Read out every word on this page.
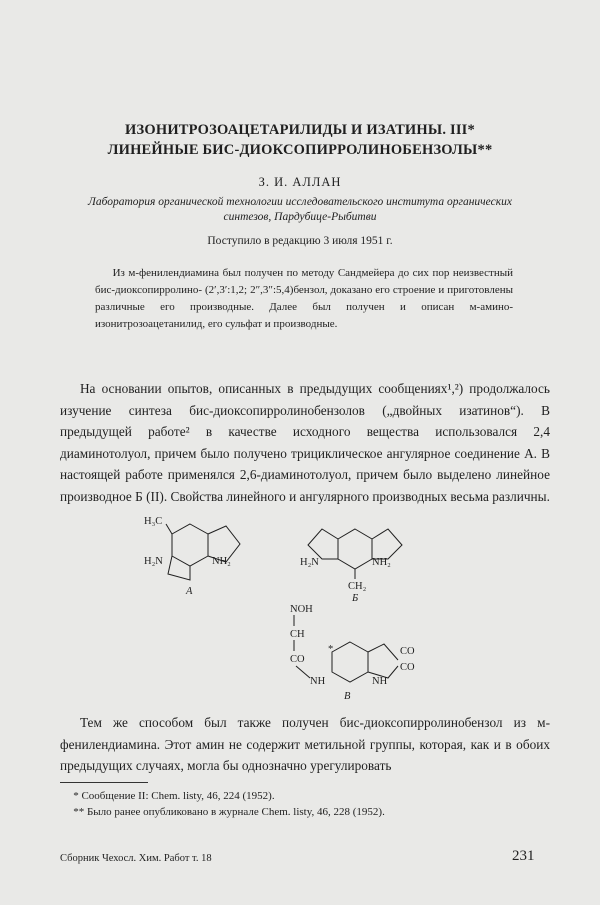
ИЗОНИТРОЗОАЦЕТАРИЛИДЫ И ИЗАТИНЫ. III*
ЛИНЕЙНЫЕ БИС-ДИОКСОПИРРОЛИНОБЕНЗОЛЫ**
З. И. АЛЛАН
Лаборатория органической технологии исследовательского института органических
синтезов, Пардубице-Рыбитви
Поступило в редакцию 3 июля 1951 г.
Из м-фенилендиамина был получен по методу Сандмейера до сих пор неизвестный бис-диоксопирролино- (2′,3′:1,2; 2″,3″:5,4)бензол, доказано его строение и приготовлены различные его производные. Далее был получен и описан м-амино-изонитрозоацетанилид, его сульфат и производные.
На основании опытов, описанных в предыдущих сообщениях¹,²) продолжалось изучение синтеза бис-диоксопирролинобензолов („двойных изатинов“). В предыдущей работе² в качестве исходного вещества использовался 2,4 диаминотолуол, причем было получено трициклическое ангулярное соединение А. В настоящей работе применялся 2,6-диаминотолуол, причем было выделено линейное производное Б (II). Свойства линейного и ангулярного производных весьма различны.
H₃C
H₂N	NH₂
А
H₂N	NH₂
CH₂
Б
NOH
CH
CO
NH
*	CO
CO
NH
В
Тем же способом был также получен бис-диоксопирролинобензол из м-фенилендиамина. Этот амин не содержит метильной группы, которая, как и в обоих предыдущих случаях, могла бы однозначно урегулировать
* Сообщение II: Chem. listy, 46, 224 (1952).
** Было ранее опубликовано в журнале Chem. listy, 46, 228 (1952).
Сборник Чехосл. Хим. Работ т. 18	231
